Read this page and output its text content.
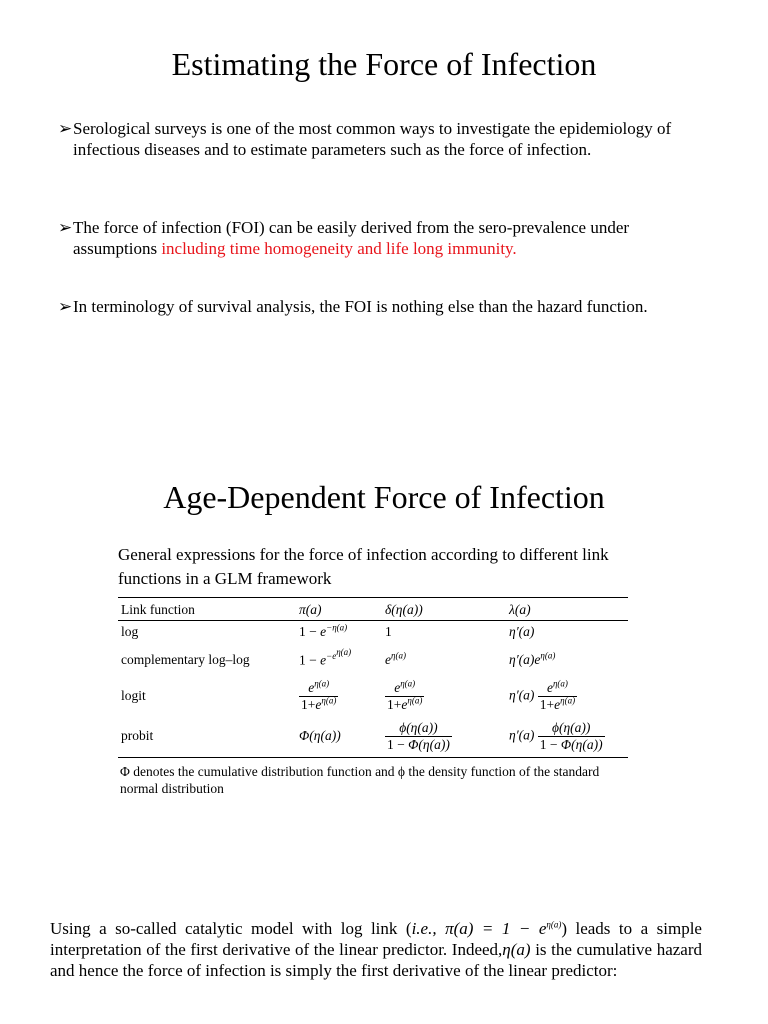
Estimating the Force of Infection
➢ Serological surveys is one of the most common ways to investigate the epidemiology of infectious diseases and to estimate parameters such as the force of infection.
➢ The force of infection (FOI) can be easily derived from the sero-prevalence under assumptions including time homogeneity and life long immunity.
➢ In terminology of survival analysis, the FOI is nothing else than the hazard function.
Age-Dependent Force of Infection
General expressions for the force of infection according to different link functions in a GLM framework
Link function	π(a)	δ(η(a))	λ(a)
log	$1 - e^{-\eta(a)}$	1	η′(a)
complementary log–log	$1 - e^{-e^{\eta(a)}}$	$e^{\eta(a)}$	$\eta'(a)e^{\eta(a)}$
logit	$\frac{e^{\eta(a)}}{1+e^{\eta(a)}}$	$\frac{e^{\eta(a)}}{1+e^{\eta(a)}}$	$\eta'(a) \frac{e^{\eta(a)}}{1+e^{\eta(a)}}$

probit	Φ(η(a))	$\frac{\phi(\eta(a))}{1 - \Phi(\eta(a))}$	$\eta'(a) \frac{\phi(\eta(a))}{1 - \Phi(\eta(a))}$
Φ denotes the cumulative distribution function and ϕ the density function of the standard normal distribution
Using a so-called catalytic model with log link (i.e., $\pi(a) = 1 - e^{\eta(a)}$) leads to a simple interpretation of the first derivative of the linear predictor. Indeed,η(a) is the cumulative hazard and hence the force of infection is simply the first derivative of the linear predictor:
